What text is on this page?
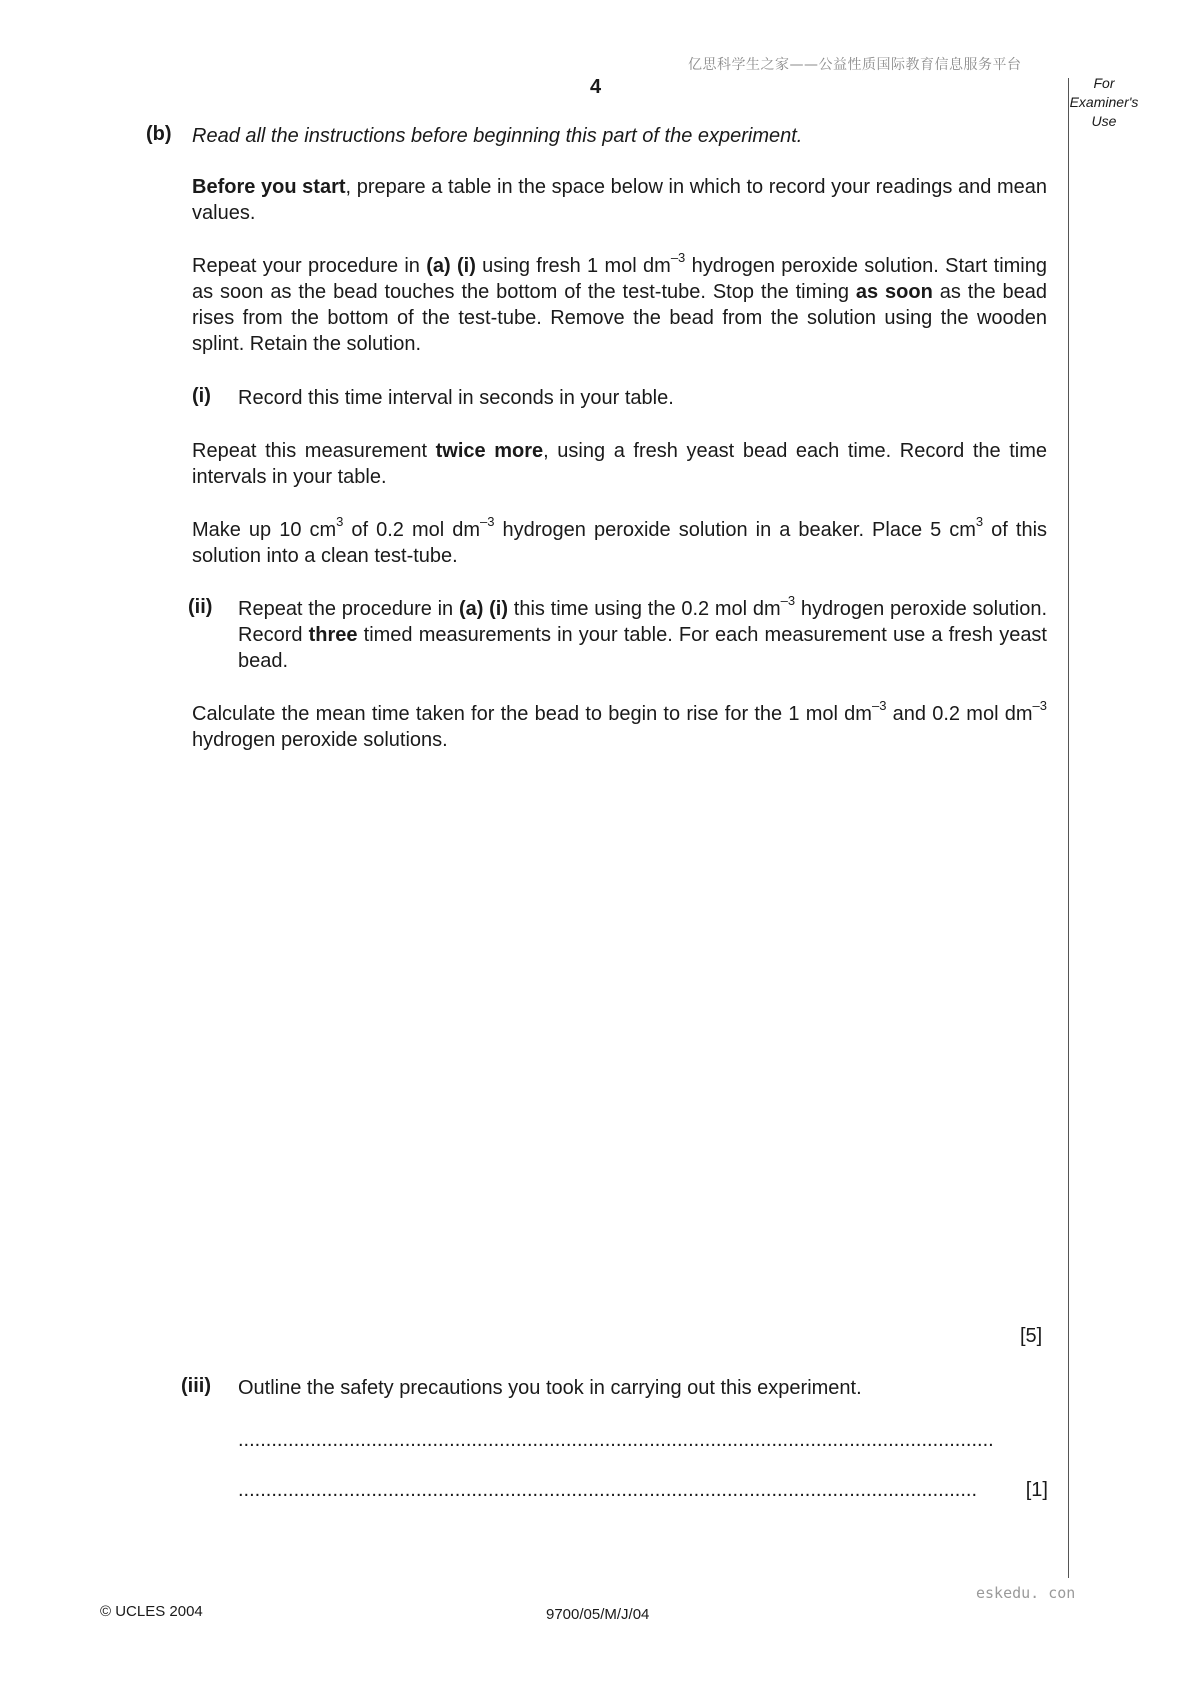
亿思科学生之家——公益性质国际教育信息服务平台
4	For
Examiner's
Use
(b) Read all the instructions before beginning this part of the experiment.
Before you start, prepare a table in the space below in which to record your readings and mean values.
Repeat your procedure in (a) (i) using fresh 1 mol $dm^{-3}$ hydrogen peroxide solution. Start timing as soon as the bead touches the bottom of the test-tube. Stop the timing as soon as the bead rises from the bottom of the test-tube. Remove the bead from the solution using the wooden splint. Retain the solution.
(i) Record this time interval in seconds in your table.
Repeat this measurement twice more, using a fresh yeast bead each time. Record the time intervals in your table.
Make up 10 $cm^3$ of 0.2 mol $dm^{-3}$ hydrogen peroxide solution in a beaker. Place 5 $cm^3$ of this solution into a clean test-tube.
(ii) Repeat the procedure in (a) (i) this time using the 0.2 mol $dm^{-3}$ hydrogen peroxide solution. Record three timed measurements in your table. For each measurement use a fresh yeast bead.
Calculate the mean time taken for the bead to begin to rise for the 1 mol $dm^{-3}$ and 0.2 mol $dm^{-3}$ hydrogen peroxide solutions.
[5]
(iii) Outline the safety precautions you took in carrying out this experiment.
........................................................................................................................................
.....................................................................................................................................	[1]
eskedu. con
© UCLES 2004	9700/05/M/J/04
